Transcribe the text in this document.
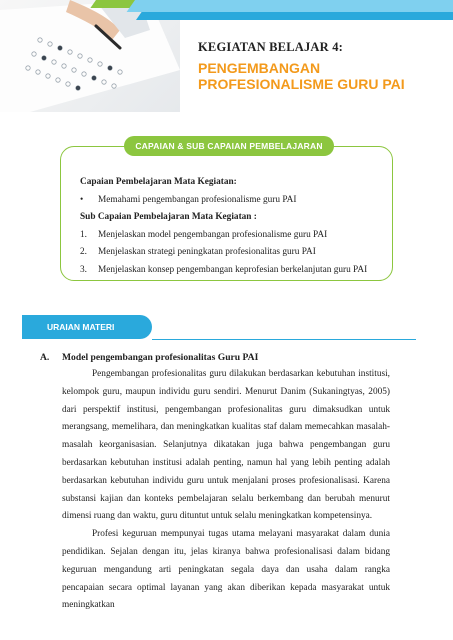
KEGIATAN BELAJAR 4:
PENGEMBANGAN
PROFESIONALISME GURU PAI
CAPAIAN & SUB CAPAIAN PEMBELAJARAN
Capaian Pembelajaran Mata Kegiatan:
• Memahami pengembangan profesionalisme guru PAI
Sub Capaian Pembelajaran Mata Kegiatan :
1. Menjelaskan model pengembangan profesionalisme guru PAI
2. Menjelaskan strategi peningkatan profesionalitas guru PAI
3. Menjelaskan konsep pengembangan keprofesian berkelanjutan guru PAI
URAIAN MATERI
A. Model pengembangan profesionalitas Guru PAI

Pengembangan profesionalitas guru dilakukan berdasarkan kebutuhan institusi, kelompok guru, maupun individu guru sendiri. Menurut Danim (Sukaningtyas, 2005) dari perspektif institusi, pengembangan profesionalitas guru dimaksudkan untuk merangsang, memelihara, dan meningkatkan kualitas staf dalam memecahkan masalah-masalah keorganisasian. Selanjutnya dikatakan juga bahwa pengembangan guru berdasarkan kebutuhan institusi adalah penting, namun hal yang lebih penting adalah berdasarkan kebutuhan individu guru untuk menjalani proses profesionalisasi. Karena substansi kajian dan konteks pembelajaran selalu berkembang dan berubah menurut dimensi ruang dan waktu, guru dituntut untuk selalu meningkatkan kompetensinya.

Profesi keguruan mempunyai tugas utama melayani masyarakat dalam dunia pendidikan. Sejalan dengan itu, jelas kiranya bahwa profesionalisasi dalam bidang keguruan mengandung arti peningkatan segala daya dan usaha dalam rangka pencapaian secara optimal layanan yang akan diberikan kepada masyarakat untuk meningkatkan
